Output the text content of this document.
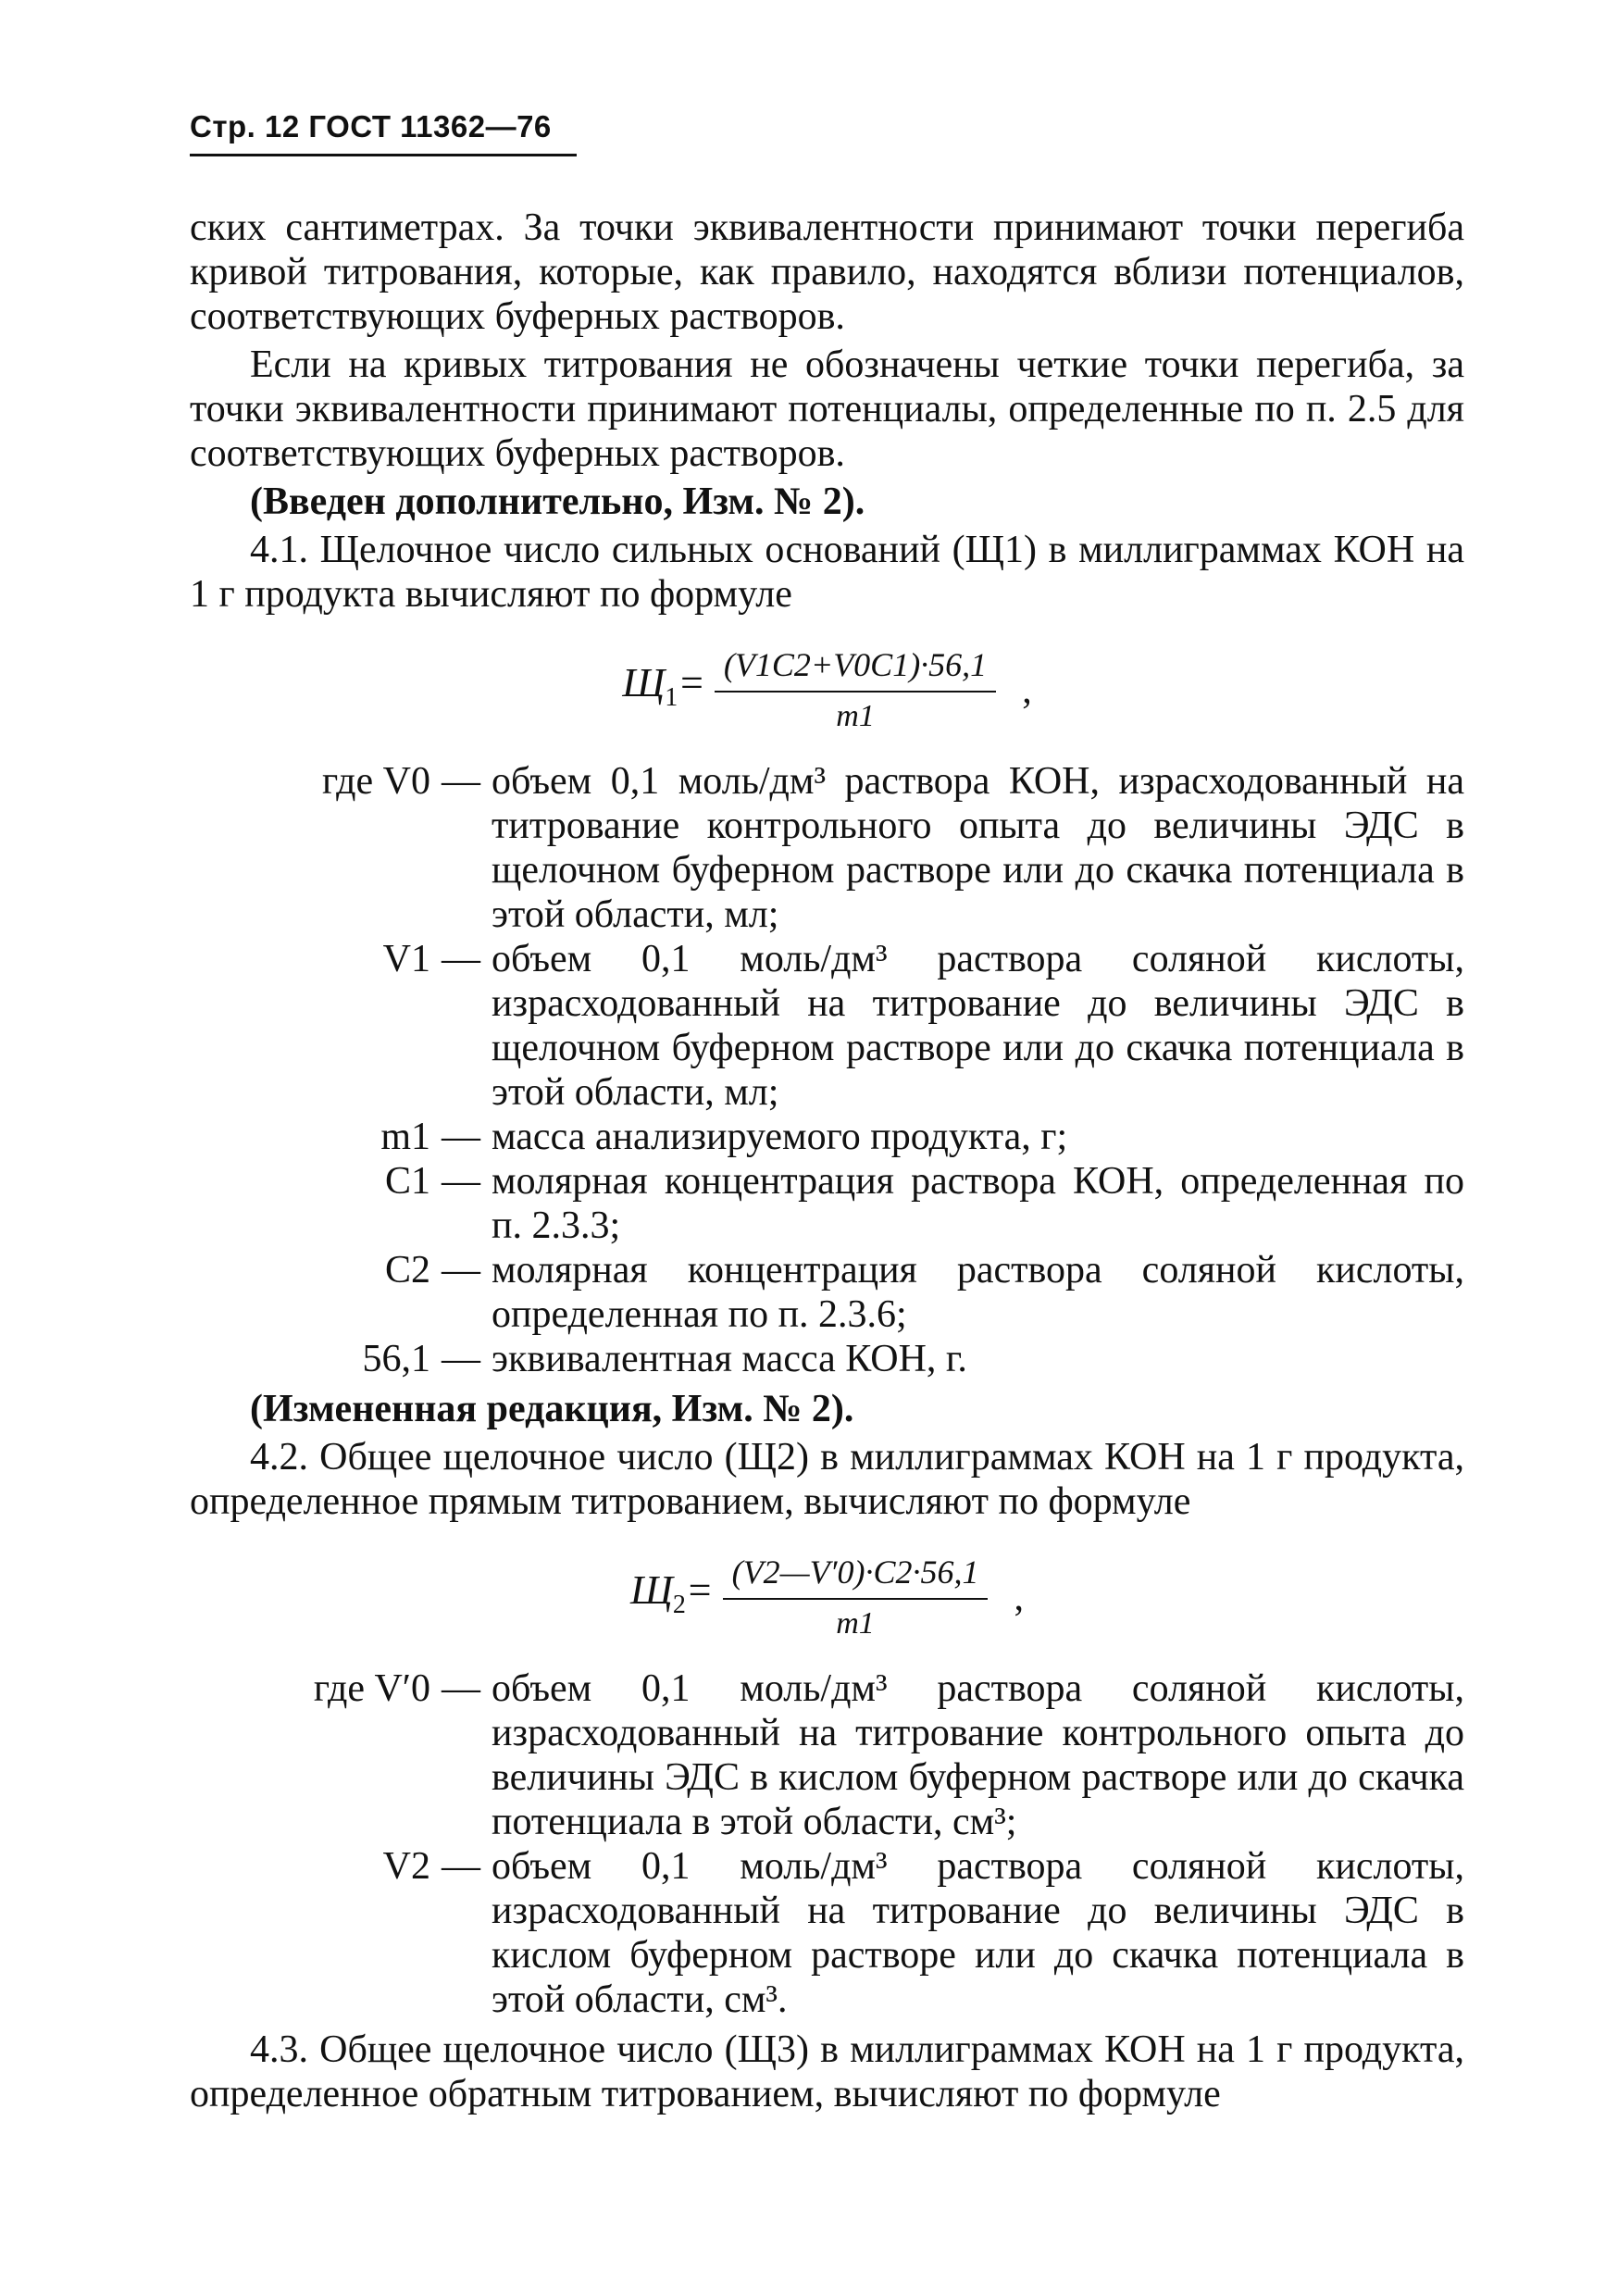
Стр. 12 ГОСТ 11362—76

ских сантиметрах. За точки эквивалентности принимают точки перегиба кривой титрования, которые, как правило, находятся вблизи потенциалов, соответствующих буферных растворов.

Если на кривых титрования не обозначены четкие точки перегиба, за точки эквивалентности принимают потенциалы, определенные по п. 2.5 для соответствующих буферных растворов.

(Введен дополнительно, Изм. № 2).

4.1. Щелочное число сильных оснований (Щ1) в миллиграммах КОН на 1 г продукта вычисляют по формуле

$Щ_1= \frac{(V1C2+V0C1)\cdot 56,1}{m1}$ ,
где V0 — объем 0,1 моль/дм³ раствора КОН, израсходованный на титрование контрольного опыта до величины ЭДС в щелочном буферном растворе или до скачка потенциала в этой области, мл;
V1 — объем 0,1 моль/дм³ раствора соляной кислоты, израсходованный на титрование до величины ЭДС в щелочном буферном растворе или до скачка потенциала в этой области, мл;
m1 — масса анализируемого продукта, г;
C1 — молярная концентрация раствора КОН, определенная по п. 2.3.3;
C2 — молярная концентрация раствора соляной кислоты, определенная по п. 2.3.6;
56,1 — эквивалентная масса КОН, г.

(Измененная редакция, Изм. № 2).

4.2. Общее щелочное число (Щ2) в миллиграммах КОН на 1 г продукта, определенное прямым титрованием, вычисляют по формуле

$Щ_2= \frac{(V2—V'0)\cdot C2\cdot 56,1}{m1}$ ,
где V′0 — объем 0,1 моль/дм³ раствора соляной кислоты, израсходованный на титрование контрольного опыта до величины ЭДС в кислом буферном растворе или до скачка потенциала в этой области, см³;
V2 — объем 0,1 моль/дм³ раствора соляной кислоты, израсходованный на титрование до величины ЭДС в кислом буферном растворе или до скачка потенциала в этой области, см³.

4.3. Общее щелочное число (Щ3) в миллиграммах КОН на 1 г продукта, определенное обратным титрованием, вычисляют по формуле
